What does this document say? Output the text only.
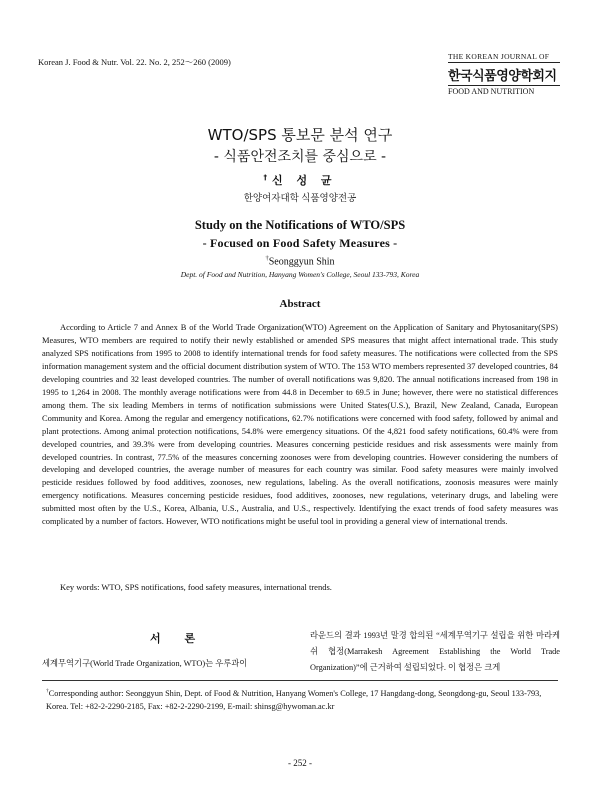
Korean J. Food & Nutr. Vol. 22. No. 2, 252～260 (2009)
THE KOREAN JOURNAL OF
한국식품영양학회지
FOOD AND NUTRITION
WTO/SPS 통보문 분석 연구
- 식품안전조치를 중심으로 -
†신 성 균
한양여자대학 식품영양전공
Study on the Notifications of WTO/SPS
- Focused on Food Safety Measures -
†Seonggyun Shin
Dept. of Food and Nutrition, Hanyang Women's College, Seoul 133-793, Korea
Abstract
According to Article 7 and Annex B of the World Trade Organization(WTO) Agreement on the Application of Sanitary and Phytosanitary(SPS) Measures, WTO members are required to notify their newly established or amended SPS measures that might affect international trade. This study analyzed SPS notifications from 1995 to 2008 to identify international trends for food safety measures. The notifications were collected from the SPS information management system and the official document distribution system of WTO. The 153 WTO members represented 37 developed countries, 84 developing countries and 32 least developed countries. The number of overall notifications was 9,820. The annual notifications increased from 198 in 1995 to 1,264 in 2008. The monthly average notifications were from 44.8 in December to 69.5 in June; however, there were no statistical differences among them. The six leading Members in terms of notification submissions were United States(U.S.), Brazil, New Zealand, Canada, European Community and Korea. Among the regular and emergency notifications, 62.7% notifications were concerned with food safety, followed by animal and plant protections. Among animal protection notifications, 54.8% were emergency situations. Of the 4,821 food safety notifications, 60.4% were from developed countries, and 39.3% were from developing countries. Measures concerning pesticide residues and risk assessments were mainly from developed countries. In contrast, 77.5% of the measures concerning zoonoses were from developing countries. However considering the numbers of developing and developed countries, the average number of measures for each country was similar. Food safety measures were mainly involved pesticide residues followed by food additives, zoonoses, new regulations, labeling. As the overall notifications, zoonosis measures were mainly emergency notifications. Measures concerning pesticide residues, food additives, zoonoses, new regulations, veterinary drugs, and labeling were submitted most often by the U.S., Korea, Albania, U.S., Australia, and U.S., respectively. Identifying the exact trends of food safety measures was complicated by a number of factors. However, WTO notifications might be useful tool in providing a general view of international trends.
Key words: WTO, SPS notifications, food safety measures, international trends.
서 론
세계무역기구(World Trade Organization, WTO)는 우루과이
라운드의 결과 1993년 말경 합의된 “세계무역기구 설립을 위한 마라케쉬 협정(Marrakesh Agreement Establishing the World Trade Organization)”에 근거하여 설립되었다. 이 협정은 크게
†Corresponding author: Seonggyun Shin, Dept. of Food & Nutrition, Hanyang Women's College, 17 Hangdang-dong, Seongdong-gu, Seoul 133-793, Korea. Tel: +82-2-2290-2185, Fax: +82-2-2290-2199, E-mail: shinsg@hywoman.ac.kr
- 252 -
